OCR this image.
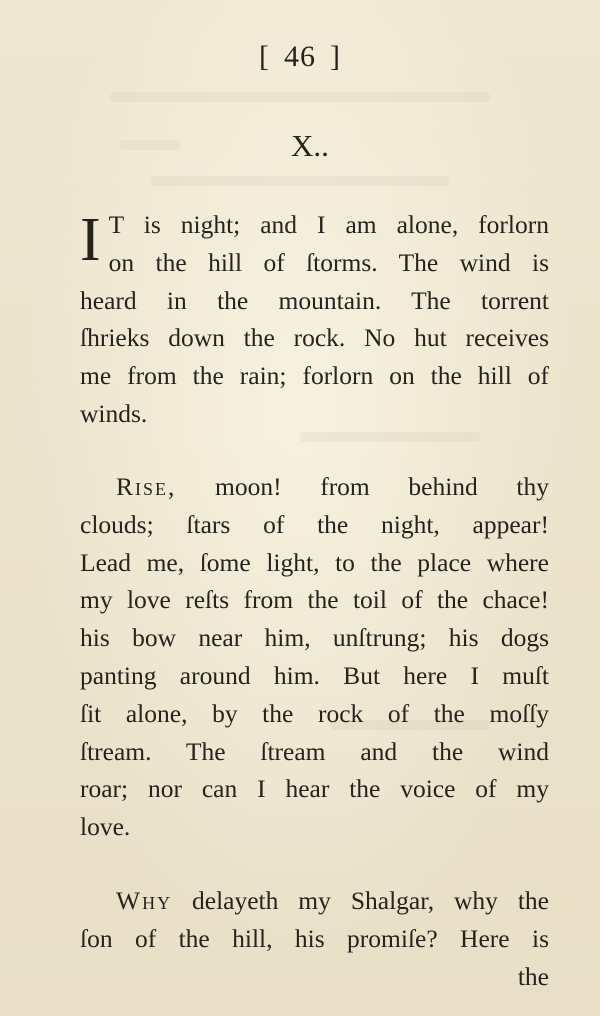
[ 46 ]
X..
I T is night; and I am alone, forlorn
on the hill of ſtorms. The wind is
heard in the mountain. The torrent
ſhrieks down the rock. No hut receives
me from the rain; forlorn on the hill of
winds.
Rise, moon! from behind thy
clouds; ſtars of the night, appear!
Lead me, ſome light, to the place where
my love reſts from the toil of the chace!
his bow near him, unſtrung; his dogs
panting around him. But here I muſt
ſit alone, by the rock of the moſſy
ſtream. The ſtream and the wind
roar; nor can I hear the voice of my
love.
Why delayeth my Shalgar, why the
ſon of the hill, his promiſe? Here is
the
